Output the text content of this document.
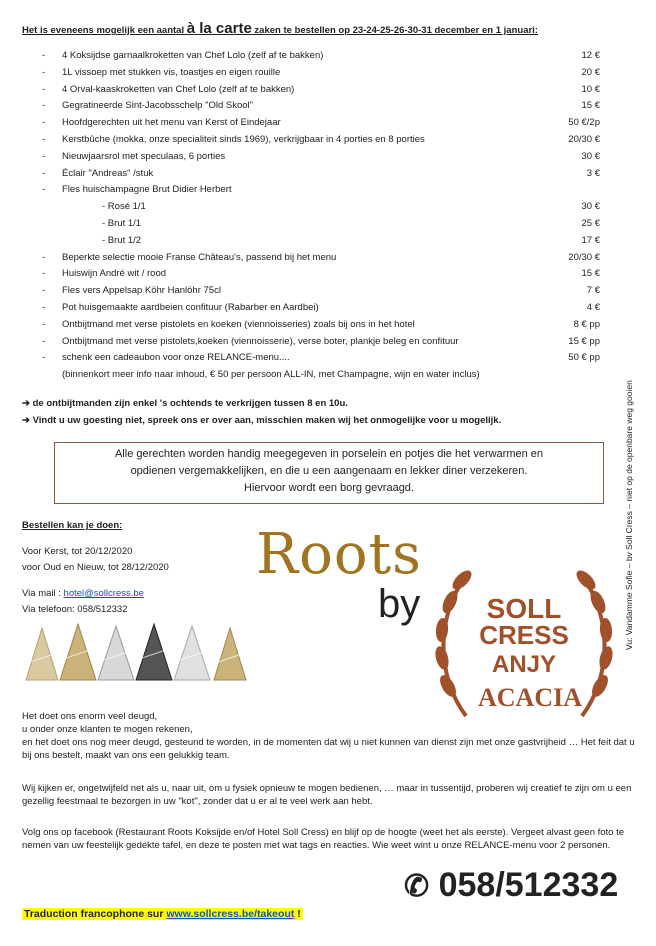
Het is eveneens mogelijk een aantal à la carte zaken te bestellen op 23-24-25-26-30-31 december en 1 januari:
- 4 Koksijdse garnaalkroketten van Chef Lolo (zelf af te bakken)	12 €
- 1L vissoep met stukken vis, toastjes en eigen rouille	20 €
- 4 Orval-kaaskroketten van Chef Lolo (zelf af te bakken)	10 €
- Gegratineerde Sint-Jacobsschelp "Old Skool"	15 €
- Hoofdgerechten uit het menu van Kerst of Eindejaar	50 €/2p
- Kerstbûche (mokka, onze specialiteit sinds 1969), verkrijgbaar in 4 porties en 8 porties	20/30 €
- Nieuwjaarsrol met speculaas, 6 porties	30 €
- Éclair "Andreas" /stuk	3 €
- Fles huischampagne Brut Didier Herbert
- Rosé 1/1	30 €
- Brut 1/1	25 €
- Brut 1/2	17 €
- Beperkte selectie mooie Franse Château's, passend bij het menu	20/30 €
- Huiswijn André wit / rood	15 €
- Fles vers Appelsap Köhr Hanlöhr 75cl	7 €
- Pot huisgemaakte aardbeien confituur (Rabarber en Aardbei)	4 €
- Ontbijtmand met verse pistolets en koeken (viennoisseries) zoals bij ons in het hotel	8 € pp
- Ontbijtmand met verse pistolets,koeken (viennoisserie), verse boter, plankje beleg en confituur	15 € pp
- schenk een cadeaubon voor onze RELANCE-menu....	50 € pp
(binnenkort meer info naar inhoud, € 50 per persoon ALL-IN, met Champagne, wijn en water inclus)
➔ de ontbijtmanden zijn enkel 's ochtends te verkrijgen tussen 8 en 10u.
➔ Vindt u uw goesting niet, spreek ons er over aan, misschien maken wij het onmogelijke voor u mogelijk.
Alle gerechten worden handig meegegeven in porselein en potjes die het verwarmen en
opdienen vergemakkelijken, en die u een aangenaam en lekker diner verzekeren.
Hiervoor wordt een borg gevraagd.
Bestellen kan je doen:
Voor Kerst, tot 20/12/2020
voor Oud en Nieuw, tot 28/12/2020
Via mail : hotel@sollcress.be
Via telefoon: 058/512332
Roots
by SOLL
CRESS
ANJY
ACACIA
Vu: Vandamme Sofie – bv Soll Cress – niet op de openbare weg gooien
Het doet ons enorm veel deugd,
u onder onze klanten te mogen rekenen,
en het doet ons nog meer deugd, gesteund te worden, in de momenten dat wij u niet kunnen van dienst zijn met onze gastvrijheid … Het feit dat u bij ons bestelt, maakt van ons een gelukkig team.
Wij kijken er, ongetwijfeld net als u, naar uit, om u fysiek opnieuw te mogen bedienen, … maar in tussentijd, proberen wij creatief te zijn om u een gezellig feestmaal te bezorgen in uw "kot", zonder dat u er al te veel werk aan hebt.
Volg ons op facebook (Restaurant Roots Koksijde en/of Hotel Soll Cress) en blijf op de hoogte (weet het als eerste). Vergeet alvast geen foto te nemen van uw feestelijk gedekte tafel, en deze te posten met wat tags en reacties. Wie weet wint u onze RELANCE-menu voor 2 personen.
✆ 058/512332
Traduction francophone sur www.sollcress.be/takeout !
